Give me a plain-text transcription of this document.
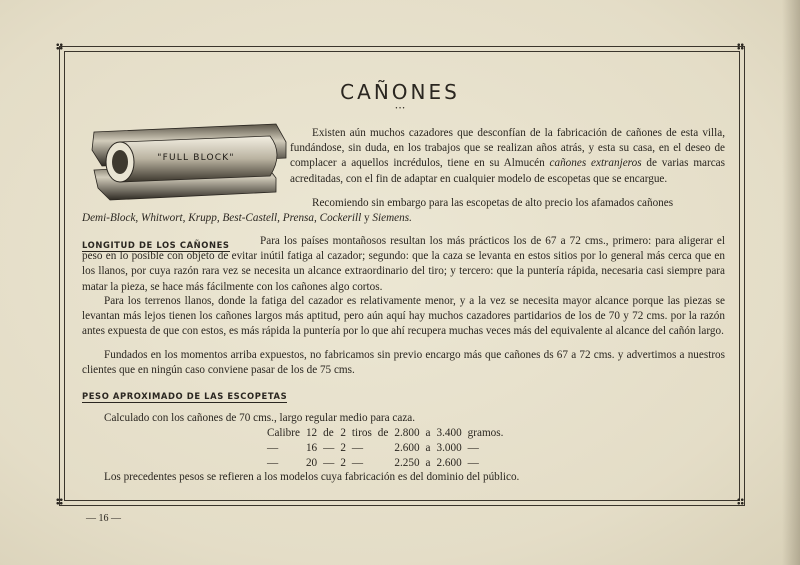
CAÑONES
• • •
"FULL BLOCK"

Existen aún muchos cazadores que desconfían de la fabricación de cañones de esta villa, fundándose, sin duda, en los trabajos que se realizan años atrás, y esta su casa, en el deseo de complacer a aquellos incrédulos, tiene en su Almucén cañones extranjeros de varias marcas acreditadas, con el fin de adaptar en cualquier modelo de escopetas que se encargue.

Recomiendo sin embargo para las escopetas de alto precio los afamados cañones

Demi-Block, Whitwort, Krupp, Best-Castell, Prensa, Cockerill y Siemens.

LONGITUD DE LOS CAÑONES	Para los países montañosos resultan los más prácticos los de 67 a 72 cms., primero: para aligerar el peso en lo posible con objeto de evitar inútil fatiga al cazador; segundo: que la caza se levanta en estos sitios por lo general más cerca que en los llanos, por cuya razón rara vez se necesita un alcance extraordinario del tiro; y tercero: que la puntería rápida, necesaria casi siempre para matar la pieza, se hace más fácilmente con los cañones algo cortos.

Para los terrenos llanos, donde la fatiga del cazador es relativamente menor, y a la vez se necesita mayor alcance porque las piezas se levantan más lejos tienen los cañones largos más aptitud, pero aún aquí hay muchos cazadores partidarios de los de 70 y 72 cms. por la razón antes expuesta de que con estos, es más rápida la puntería por lo que ahí recupera muchas veces más del equivalente al alcance del cañón largo.

Fundados en los momentos arriba expuestos, no fabricamos sin previo encargo más que cañones ds 67 a 72 cms. y advertimos a nuestros clientes que en ningún caso conviene pasar de los de 75 cms.

PESO APROXIMADO DE LAS ESCOPETAS

Calculado con los cañones de 70 cms., largo regular medio para caza.

Calibre	12	de	2	tiros	de	2.800	a	3.400	gramos.
—	16	—	2	—		2.600	a	3.000	—
—	20	—	2	—		2.250	a	2.600	—

Los precedentes pesos se refieren a los modelos cuya fabricación es del dominio del público.

— 16 —
